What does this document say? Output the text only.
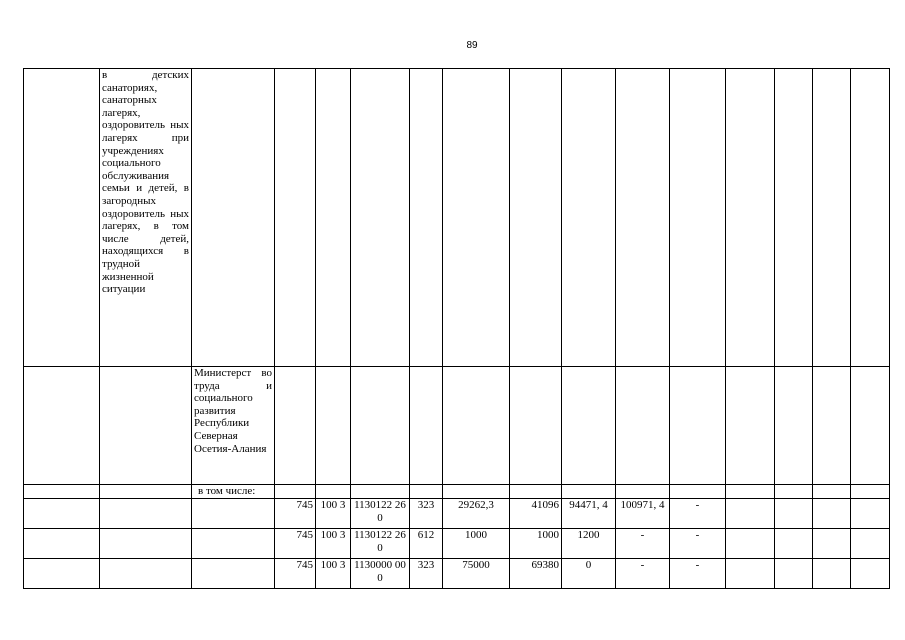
89
	в детских санаториях, санаторных лагерях, оздоровитель ных лагерях при учреждениях социального обслуживания семьи и детей, в загородных оздоровитель ных лагерях, в том числе детей, находящихся в трудной жизненной ситуации														
		Министерст во труда и социального развития Республики Северная Осетия-Алания													
		в том числе:													
			745	100 3	1130122 260	323	29262,3	41096	94471, 4	100971, 4	-				
			745	100 3	1130122 260	612	1000	1000	1200	-	-				
			745	100 3	1130000 000	323	75000	69380	0	-	-				
